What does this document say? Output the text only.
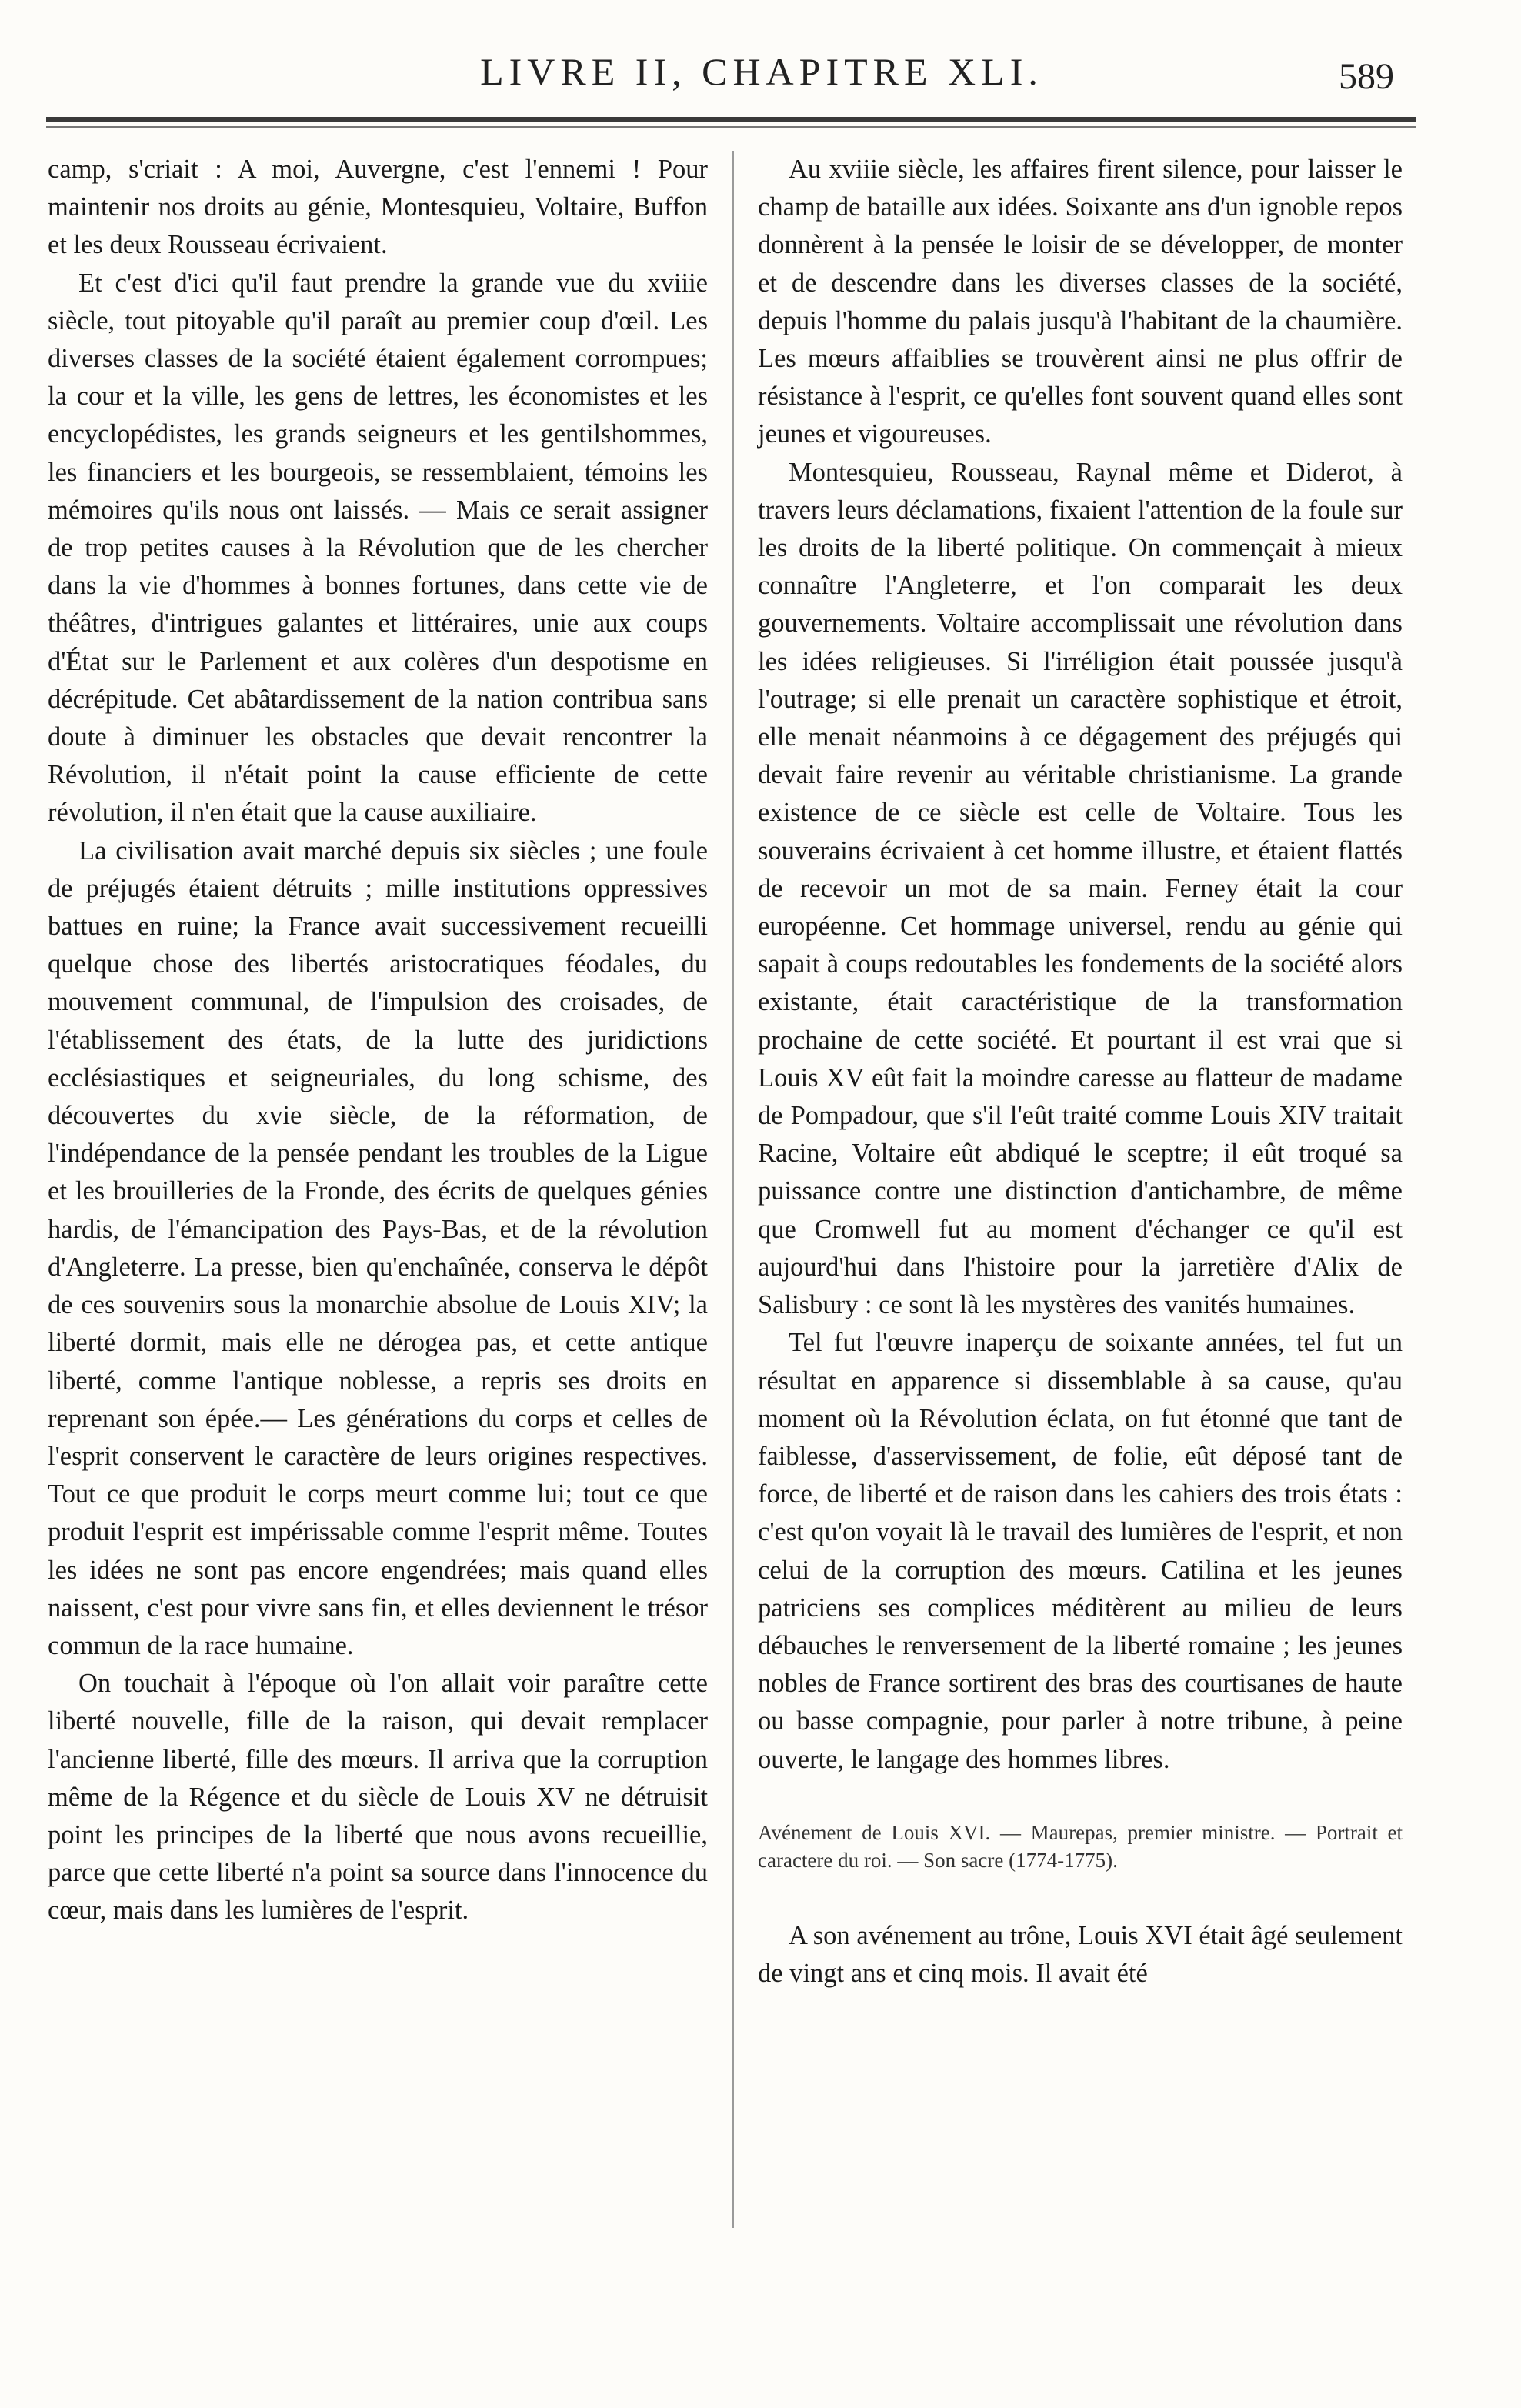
LIVRE II, CHAPITRE XLI.	589

camp, s'criait : A moi, Auvergne, c'est l'ennemi ! Pour maintenir nos droits au génie, Montesquieu, Voltaire, Buffon et les deux Rousseau écrivaient.

Et c'est d'ici qu'il faut prendre la grande vue du xviiie siècle, tout pitoyable qu'il paraît au premier coup d'œil. Les diverses classes de la société étaient également corrompues; la cour et la ville, les gens de lettres, les économistes et les encyclopédistes, les grands seigneurs et les gentilshommes, les financiers et les bourgeois, se ressemblaient, témoins les mémoires qu'ils nous ont laissés. — Mais ce serait assigner de trop petites causes à la Révolution que de les chercher dans la vie d'hommes à bonnes fortunes, dans cette vie de théâtres, d'intrigues galantes et littéraires, unie aux coups d'État sur le Parlement et aux colères d'un despotisme en décrépitude. Cet abâtardissement de la nation contribua sans doute à diminuer les obstacles que devait rencontrer la Révolution, il n'était point la cause efficiente de cette révolution, il n'en était que la cause auxiliaire.

La civilisation avait marché depuis six siècles ; une foule de préjugés étaient détruits ; mille institutions oppressives battues en ruine; la France avait successivement recueilli quelque chose des libertés aristocratiques féodales, du mouvement communal, de l'impulsion des croisades, de l'établissement des états, de la lutte des juridictions ecclésiastiques et seigneuriales, du long schisme, des découvertes du xvie siècle, de la réformation, de l'indépendance de la pensée pendant les troubles de la Ligue et les brouilleries de la Fronde, des écrits de quelques génies hardis, de l'émancipation des Pays-Bas, et de la révolution d'Angleterre. La presse, bien qu'enchaînée, conserva le dépôt de ces souvenirs sous la monarchie absolue de Louis XIV; la liberté dormit, mais elle ne dérogea pas, et cette antique liberté, comme l'antique noblesse, a repris ses droits en reprenant son épée.— Les générations du corps et celles de l'esprit conservent le caractère de leurs origines respectives. Tout ce que produit le corps meurt comme lui; tout ce que produit l'esprit est impérissable comme l'esprit même. Toutes les idées ne sont pas encore engendrées; mais quand elles naissent, c'est pour vivre sans fin, et elles deviennent le trésor commun de la race humaine.

On touchait à l'époque où l'on allait voir paraître cette liberté nouvelle, fille de la raison, qui devait remplacer l'ancienne liberté, fille des mœurs. Il arriva que la corruption même de la Régence et du siècle de Louis XV ne détruisit point les principes de la liberté que nous avons recueillie, parce que cette liberté n'a point sa source dans l'innocence du cœur, mais dans les lumières de l'esprit.

Au xviiie siècle, les affaires firent silence, pour laisser le champ de bataille aux idées. Soixante ans d'un ignoble repos donnèrent à la pensée le loisir de se développer, de monter et de descendre dans les diverses classes de la société, depuis l'homme du palais jusqu'à l'habitant de la chaumière. Les mœurs affaiblies se trouvèrent ainsi ne plus offrir de résistance à l'esprit, ce qu'elles font souvent quand elles sont jeunes et vigoureuses.

Montesquieu, Rousseau, Raynal même et Diderot, à travers leurs déclamations, fixaient l'attention de la foule sur les droits de la liberté politique. On commençait à mieux connaître l'Angleterre, et l'on comparait les deux gouvernements. Voltaire accomplissait une révolution dans les idées religieuses. Si l'irréligion était poussée jusqu'à l'outrage; si elle prenait un caractère sophistique et étroit, elle menait néanmoins à ce dégagement des préjugés qui devait faire revenir au véritable christianisme. La grande existence de ce siècle est celle de Voltaire. Tous les souverains écrivaient à cet homme illustre, et étaient flattés de recevoir un mot de sa main. Ferney était la cour européenne. Cet hommage universel, rendu au génie qui sapait à coups redoutables les fondements de la société alors existante, était caractéristique de la transformation prochaine de cette société. Et pourtant il est vrai que si Louis XV eût fait la moindre caresse au flatteur de madame de Pompadour, que s'il l'eût traité comme Louis XIV traitait Racine, Voltaire eût abdiqué le sceptre; il eût troqué sa puissance contre une distinction d'antichambre, de même que Cromwell fut au moment d'échanger ce qu'il est aujourd'hui dans l'histoire pour la jarretière d'Alix de Salisbury : ce sont là les mystères des vanités humaines.

Tel fut l'œuvre inaperçu de soixante années, tel fut un résultat en apparence si dissemblable à sa cause, qu'au moment où la Révolution éclata, on fut étonné que tant de faiblesse, d'asservissement, de folie, eût déposé tant de force, de liberté et de raison dans les cahiers des trois états : c'est qu'on voyait là le travail des lumières de l'esprit, et non celui de la corruption des mœurs. Catilina et les jeunes patriciens ses complices méditèrent au milieu de leurs débauches le renversement de la liberté romaine ; les jeunes nobles de France sortirent des bras des courtisanes de haute ou basse compagnie, pour parler à notre tribune, à peine ouverte, le langage des hommes libres.

Avénement de Louis XVI. — Maurepas, premier ministre. — Portrait et caractere du roi. — Son sacre (1774-1775).

A son avénement au trône, Louis XVI était âgé seulement de vingt ans et cinq mois. Il avait été
